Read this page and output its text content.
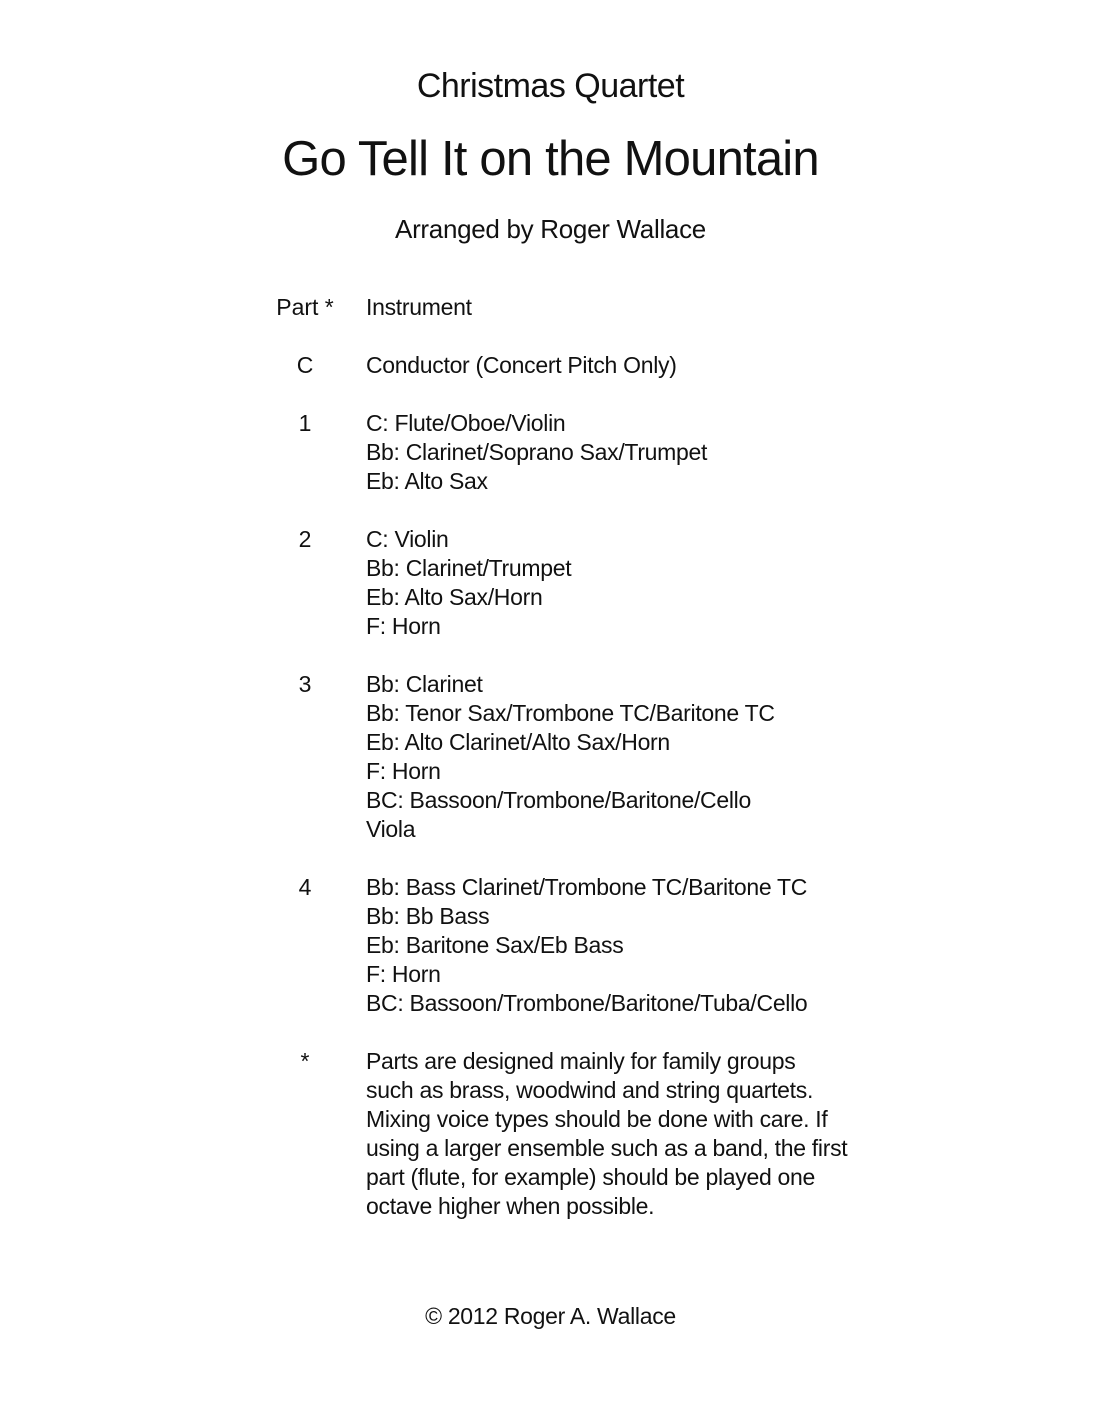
Christmas Quartet
Go Tell It on the Mountain
Arranged by Roger Wallace
Part *	Instrument
C	Conductor (Concert Pitch Only)
1	C: Flute/Oboe/Violin
Bb: Clarinet/Soprano Sax/Trumpet
Eb: Alto Sax
2	C: Violin
Bb: Clarinet/Trumpet
Eb: Alto Sax/Horn
F: Horn
3	Bb: Clarinet
Bb: Tenor Sax/Trombone TC/Baritone TC
Eb: Alto Clarinet/Alto Sax/Horn
F: Horn
BC: Bassoon/Trombone/Baritone/Cello
Viola
4	Bb: Bass Clarinet/Trombone TC/Baritone TC
Bb: Bb Bass
Eb: Baritone Sax/Eb Bass
F: Horn
BC: Bassoon/Trombone/Baritone/Tuba/Cello
*	Parts are designed mainly for family groups
such as brass, woodwind and string quartets.
Mixing voice types should be done with care. If
using a larger ensemble such as a band, the first
part (flute, for example) should be played one
octave higher when possible.
© 2012 Roger A. Wallace
